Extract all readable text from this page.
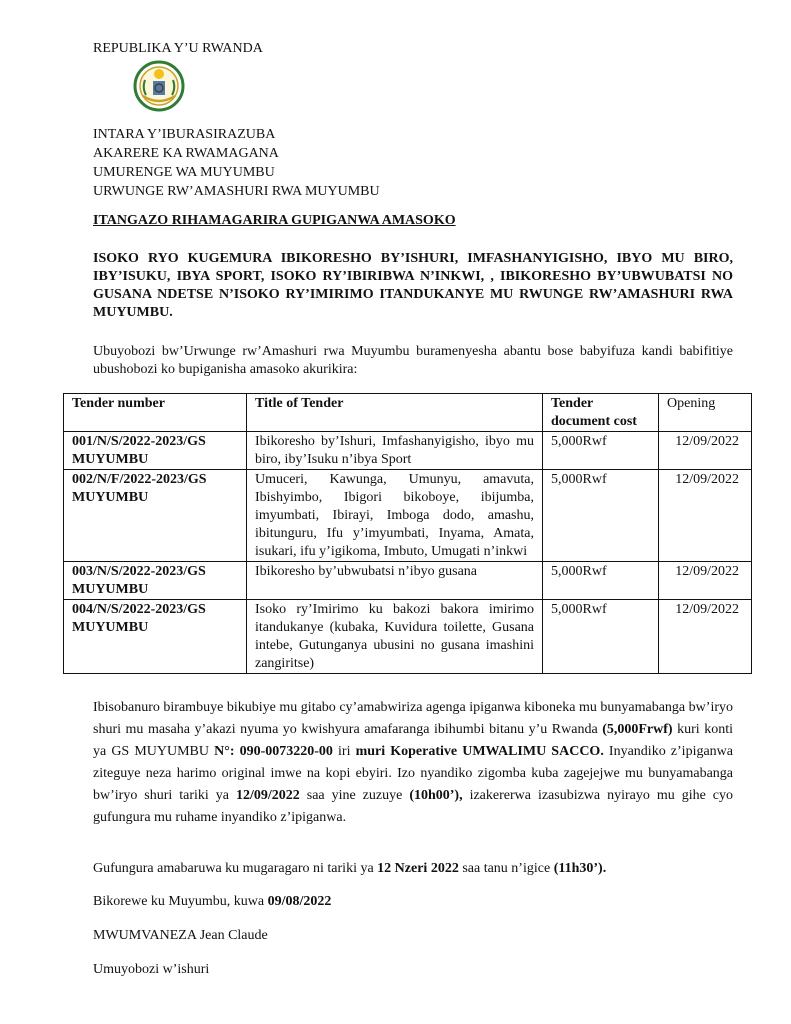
REPUBLIKA Y’U RWANDA
INTARA Y’IBURASIRAZUBA
AKARERE KA RWAMAGANA
UMURENGE WA MUYUMBU
URWUNGE RW’AMASHURI RWA MUYUMBU
ITANGAZO RIHAMAGARIRA GUPIGANWA AMASOKO
ISOKO RYO KUGEMURA IBIKORESHO BY’ISHURI, IMFASHANYIGISHO, IBYO MU BIRO, IBY’ISUKU, IBYA SPORT, ISOKO RY’IBIRIBWA N’INKWI, , IBIKORESHO BY’UBWUBATSI NO GUSANA NDETSE N’ISOKO RY’IMIRIMO ITANDUKANYE MU RWUNGE RW’AMASHURI RWA MUYUMBU.
Ubuyobozi bw’Urwunge rw’Amashuri rwa Muyumbu buramenyesha abantu bose babyifuza kandi babifitiye ubushobozi ko bupiganisha amasoko akurikira:
Tender number	Title of Tender	Tender document cost	Opening
001/N/S/2022-2023/GS MUYUMBU	Ibikoresho by’Ishuri, Imfashanyigisho, ibyo mu biro, iby’Isuku n’ibya Sport	5,000Rwf	12/09/2022
002/N/F/2022-2023/GS MUYUMBU	Umuceri, Kawunga, Umunyu, amavuta, Ibishyimbo, Ibigori bikoboye, ibijumba, imyumbati, Ibirayi, Imboga dodo, amashu, ibitunguru, Ifu y’imyumbati, Inyama, Amata, isukari, ifu y’igikoma, Imbuto, Umugati n’inkwi	5,000Rwf	12/09/2022
003/N/S/2022-2023/GS MUYUMBU	Ibikoresho by’ubwubatsi n’ibyo gusana	5,000Rwf	12/09/2022
004/N/S/2022-2023/GS MUYUMBU	Isoko ry’Imirimo ku bakozi bakora imirimo itandukanye (kubaka, Kuvidura toilette, Gusana intebe, Gutunganya ubusini no gusana imashini zangiritse)	5,000Rwf	12/09/2022
Ibisobanuro birambuye bikubiye mu gitabo cy’amabwiriza agenga ipiganwa kiboneka mu bunyamabanga bw’iryo shuri mu masaha y’akazi nyuma yo kwishyura amafaranga ibihumbi bitanu y’u Rwanda (5,000Frwf) kuri konti ya GS MUYUMBU N°: 090-0073220-00 iri muri Koperative UMWALIMU SACCO. Inyandiko z’ipiganwa ziteguye neza harimo original imwe na kopi ebyiri. Izo nyandiko zigomba kuba zagejejwe mu bunyamabanga bw’iryo shuri tariki ya 12/09/2022 saa yine zuzuye (10h00’), izakererwa izasubizwa nyirayo mu gihe cyo gufungura mu ruhame inyandiko z’ipiganwa.
Gufungura amabaruwa ku mugaragaro ni tariki ya 12 Nzeri 2022 saa tanu n’igice (11h30’).
Bikorewe ku Muyumbu, kuwa 09/08/2022
MWUMVANEZA Jean Claude
Umuyobozi w’ishuri
